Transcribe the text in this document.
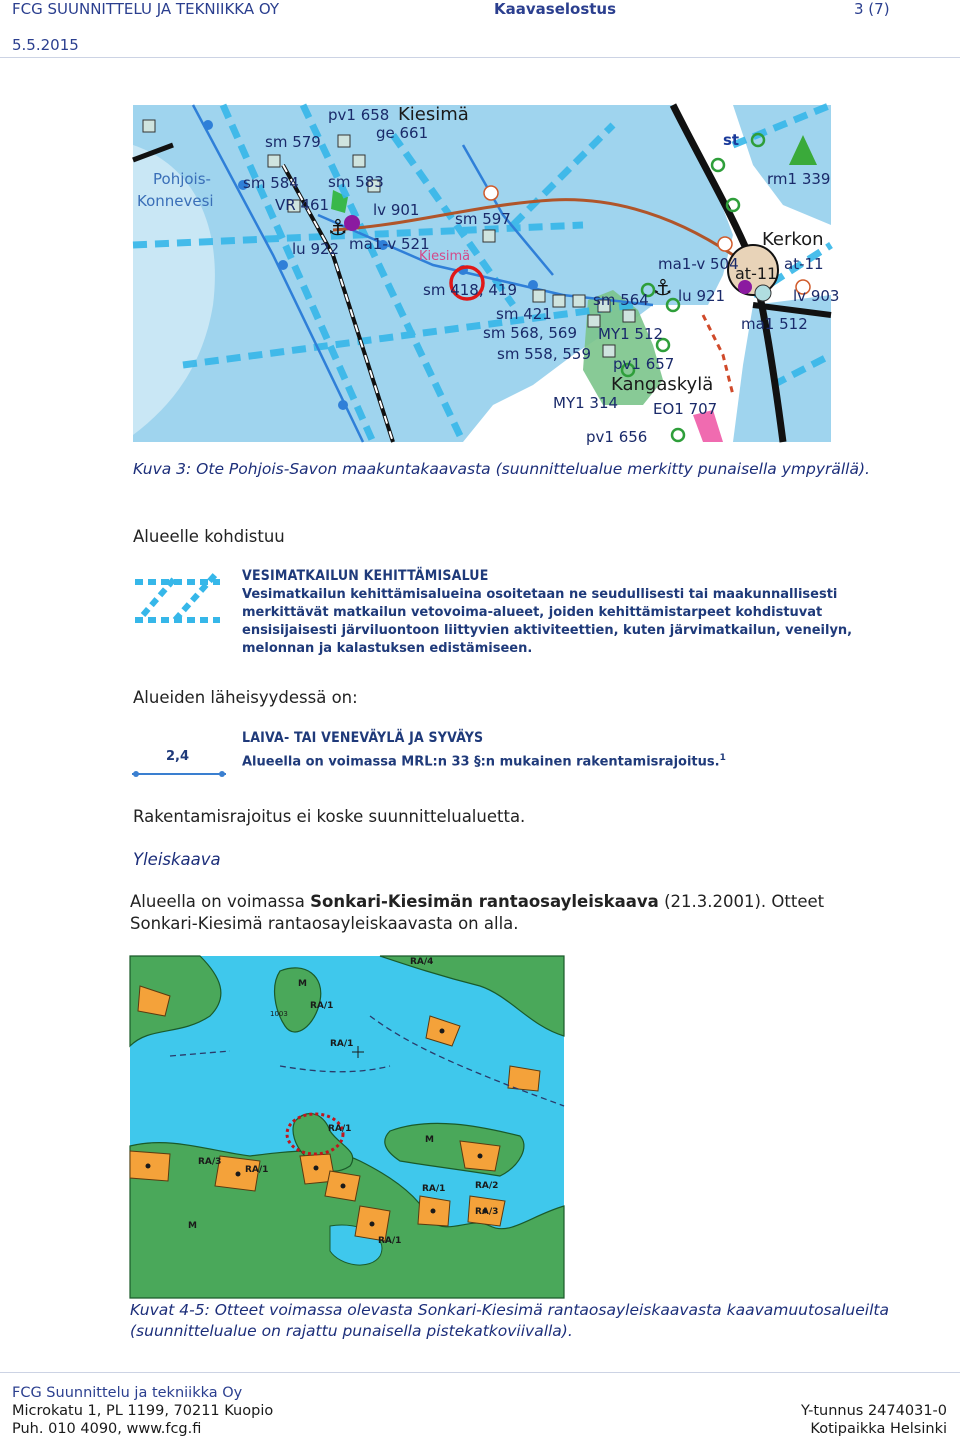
FCG SUUNNITTELU JA TEKNIIKKA OY	Kaavaselostus	3 (7)
5.5.2015
⚓
⚓
pv1 658 Kiesimä
sm 579	ge 661
Pohjois-
Konnevesi
sm 584 sm 583
VR 461	lv 901 sm 597
lu 922 ma1-v 521
Kiesimä
sm 418, 419
sm 564
sm 421
sm 568, 569 MY1 512
sm 558, 559
pv1 657
Kangaskylä
MY1 314 EO1 707
pv1 656
rm1 339
Kerkon
ma1-v 504
at-11 at-11
lu 921	lv 903
ma1 512
st
Kuva 3: Ote Pohjois-Savon maakuntakaavasta (suunnittelualue merkitty punaisella ympyrällä).
Alueelle kohdistuu
VESIMATKAILUN KEHITTÄMISALUE
Vesimatkailun kehittämisalueina osoitetaan ne seudullisesti tai maakunnallisesti merkittävät matkailun vetovoima-alueet, joiden kehittämistarpeet kohdistuvat ensisijaisesti järviluontoon liittyvien aktiviteettien, kuten järvimatkailun, veneilyn, melonnan ja kalastuksen edistämiseen.
Alueiden läheisyydessä on:
2,4
LAIVA- TAI VENEVÄYLÄ JA SYVÄYS
Alueella on voimassa MRL:n 33 §:n mukainen rakentamisrajoitus.$^1$
Rakentamisrajoitus ei koske suunnittelualuetta.
Yleiskaava
Alueella on voimassa Sonkari-Kiesimän rantaosayleiskaava (21.3.2001). Otteet
Sonkari-Kiesimä rantaosayleiskaavasta on alla.
M
RA/4
RA/1
RA/1
RA/1
RA/3
RA/1
M
RA/1	RA/2
RA/3
RA/1
M
1003
Kuvat 4-5: Otteet voimassa olevasta Sonkari-Kiesimä rantaosayleiskaavasta kaavamuutosalueilta
(suunnittelualue on rajattu punaisella pistekatkoviivalla).
FCG Suunnittelu ja tekniikka Oy
Microkatu 1, PL 1199, 70211 Kuopio
Puh. 010 4090, www.fcg.fi
Y-tunnus 2474031-0
Kotipaikka Helsinki
